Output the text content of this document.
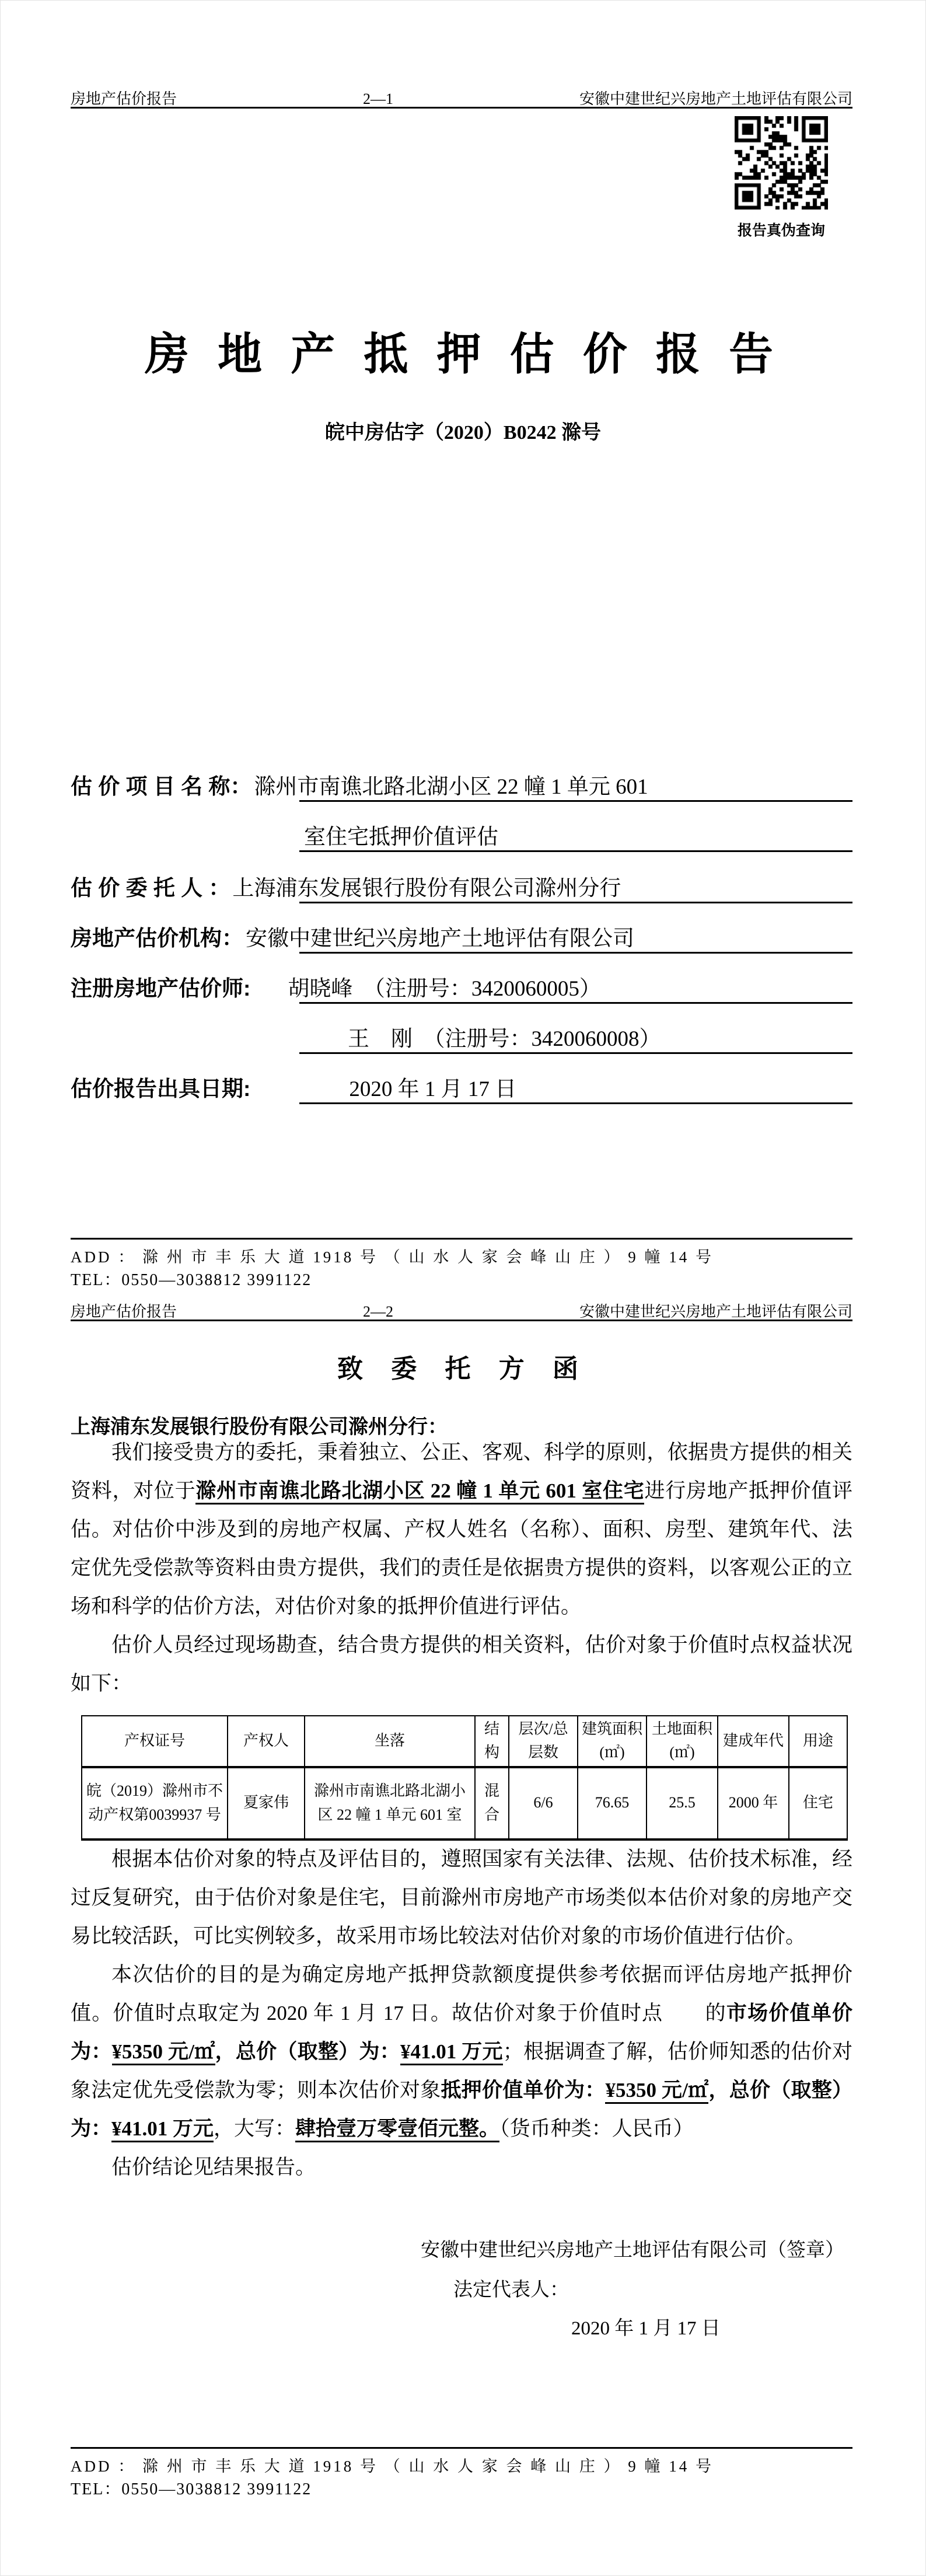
房地产估价报告	2—1	安徽中建世纪兴房地产土地评估有限公司
报告真伪查询
房 地 产 抵 押 估 价 报 告
皖中房估字（2020）B0242 滁号
估 价 项 目 名 称： 滁州市南谯北路北湖小区 22 幢 1 单元 601
室住宅抵押价值评估
估 价 委 托 人 ： 上海浦东发展银行股份有限公司滁州分行
房地产估价机构： 安徽中建世纪兴房地产土地评估有限公司
注册房地产估价师: 胡晓峰　（注册号：3420060005）
王　刚　（注册号：3420060008）
估价报告出具日期:	2020 年 1 月 17 日
ADD ： 滁 州 市 丰 乐 大 道 1918 号 （ 山 水 人 家 会 峰 山 庄 ） 9 幢 14 号
TEL：0550—3038812 3991122
房地产估价报告	2—2	安徽中建世纪兴房地产土地评估有限公司
致 委 托 方 函
上海浦东发展银行股份有限公司滁州分行：

我们接受贵方的委托，秉着独立、公正、客观、科学的原则，依据贵方提供的相关资料，对位于滁州市南谯北路北湖小区 22 幢 1 单元 601 室住宅进行房地产抵押价值评估。对估价中涉及到的房地产权属、产权人姓名（名称）、面积、房型、建筑年代、法定优先受偿款等资料由贵方提供，我们的责任是依据贵方提供的资料，以客观公正的立场和科学的估价方法，对估价对象的抵押价值进行评估。

估价人员经过现场勘查，结合贵方提供的相关资料，估价对象于价值时点权益状况如下：

产权证号	产权人	坐落	结构	层次/总层数	建筑面积(㎡)	土地面积(㎡)	建成年代	用途
皖（2019）滁州市不动产权第0039937 号	夏家伟	滁州市南谯北路北湖小区 22 幢 1 单元 601 室	混合	6/6	76.65	25.5	2000 年	住宅

根据本估价对象的特点及评估目的，遵照国家有关法律、法规、估价技术标准，经过反复研究，由于估价对象是住宅，目前滁州市房地产市场类似本估价对象的房地产交易比较活跃，可比实例较多，故采用市场比较法对估价对象的市场价值进行估价。

本次估价的目的是为确定房地产抵押贷款额度提供参考依据而评估房地产抵押价值。价值时点取定为 2020 年 1 月 17 日。故估价对象于价值时点　　的市场价值单价为：¥5350 元/㎡，总价（取整）为：¥41.01 万元；根据调查了解，估价师知悉的估价对象法定优先受偿款为零；则本次估价对象抵押价值单价为：¥5350 元/㎡，总价（取整）为：¥41.01 万元，大写：肆拾壹万零壹佰元整。（货币种类：人民币）

估价结论见结果报告。

安徽中建世纪兴房地产土地评估有限公司（签章）
法定代表人：
2020 年 1 月 17 日
ADD ： 滁 州 市 丰 乐 大 道 1918 号 （ 山 水 人 家 会 峰 山 庄 ） 9 幢 14 号
TEL：0550—3038812 3991122
